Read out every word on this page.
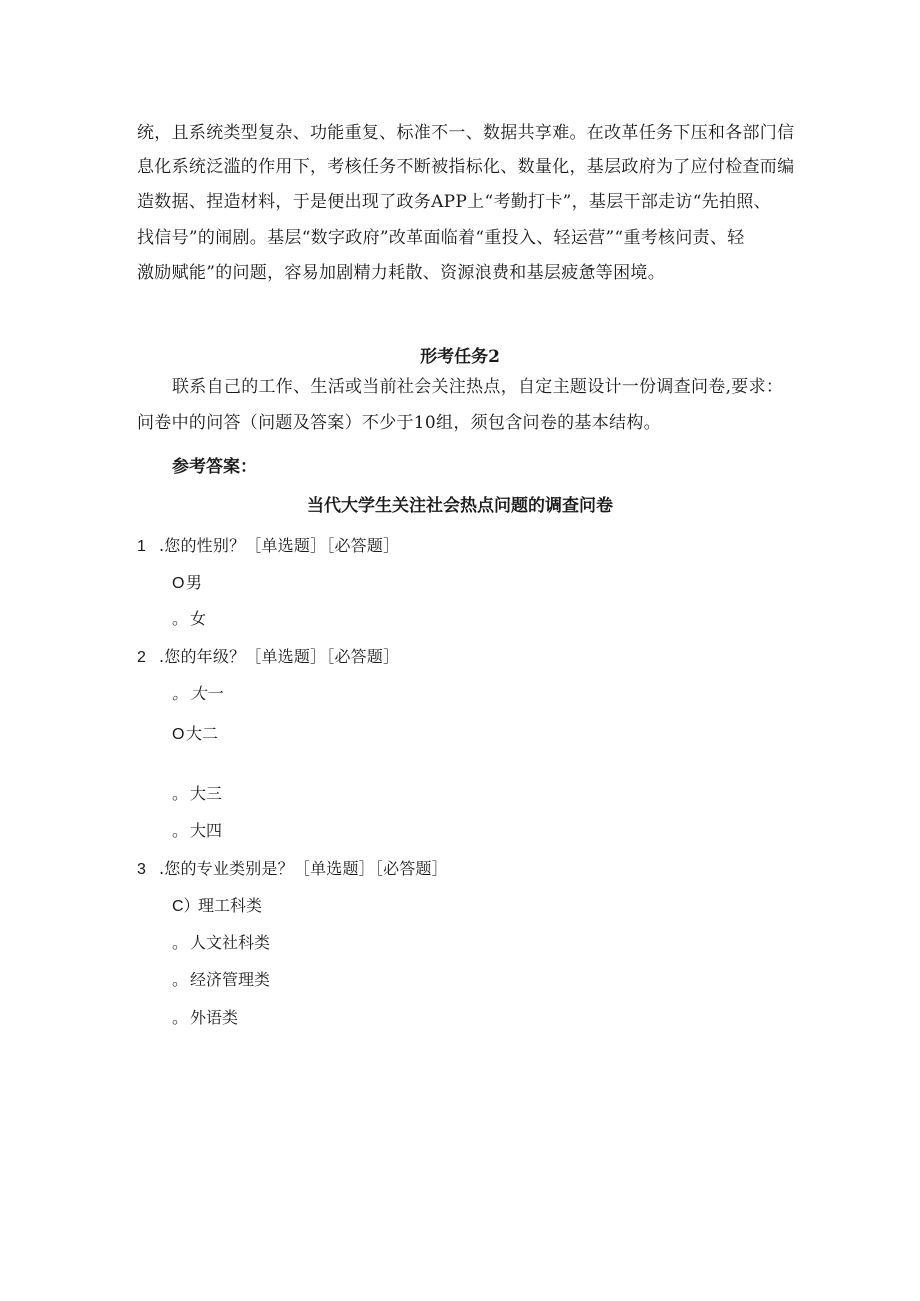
统，且系统类型复杂、功能重复、标准不一、数据共享难。在改革任务下压和各部门信
息化系统泛滥的作用下，考核任务不断被指标化、数量化，基层政府为了应付检查而编
造数据、捏造材料，于是便出现了政务APP上“考勤打卡”，基层干部走访“先拍照、
找信号”的闹剧。基层“数字政府”改革面临着“重投入、轻运营”“重考核问责、轻
激励赋能”的问题，容易加剧精力耗散、资源浪费和基层疲惫等困境。
形考任务2
联系自己的工作、生活或当前社会关注热点，自定主题设计一份调查问卷,要求：
问卷中的问答（问题及答案）不少于10组，须包含问卷的基本结构。
参考答案：
当代大学生关注社会热点问题的调查问卷
1 .您的性别？［单选题］［必答题］
O男
。 女
2 .您的年级？［单选题］［必答题］
。 大一
O大二
。 大三
。 大四
3 .您的专业类别是？［单选题］［必答题］
C）理工科类
。 人文社科类
。 经济管理类
。 外语类
